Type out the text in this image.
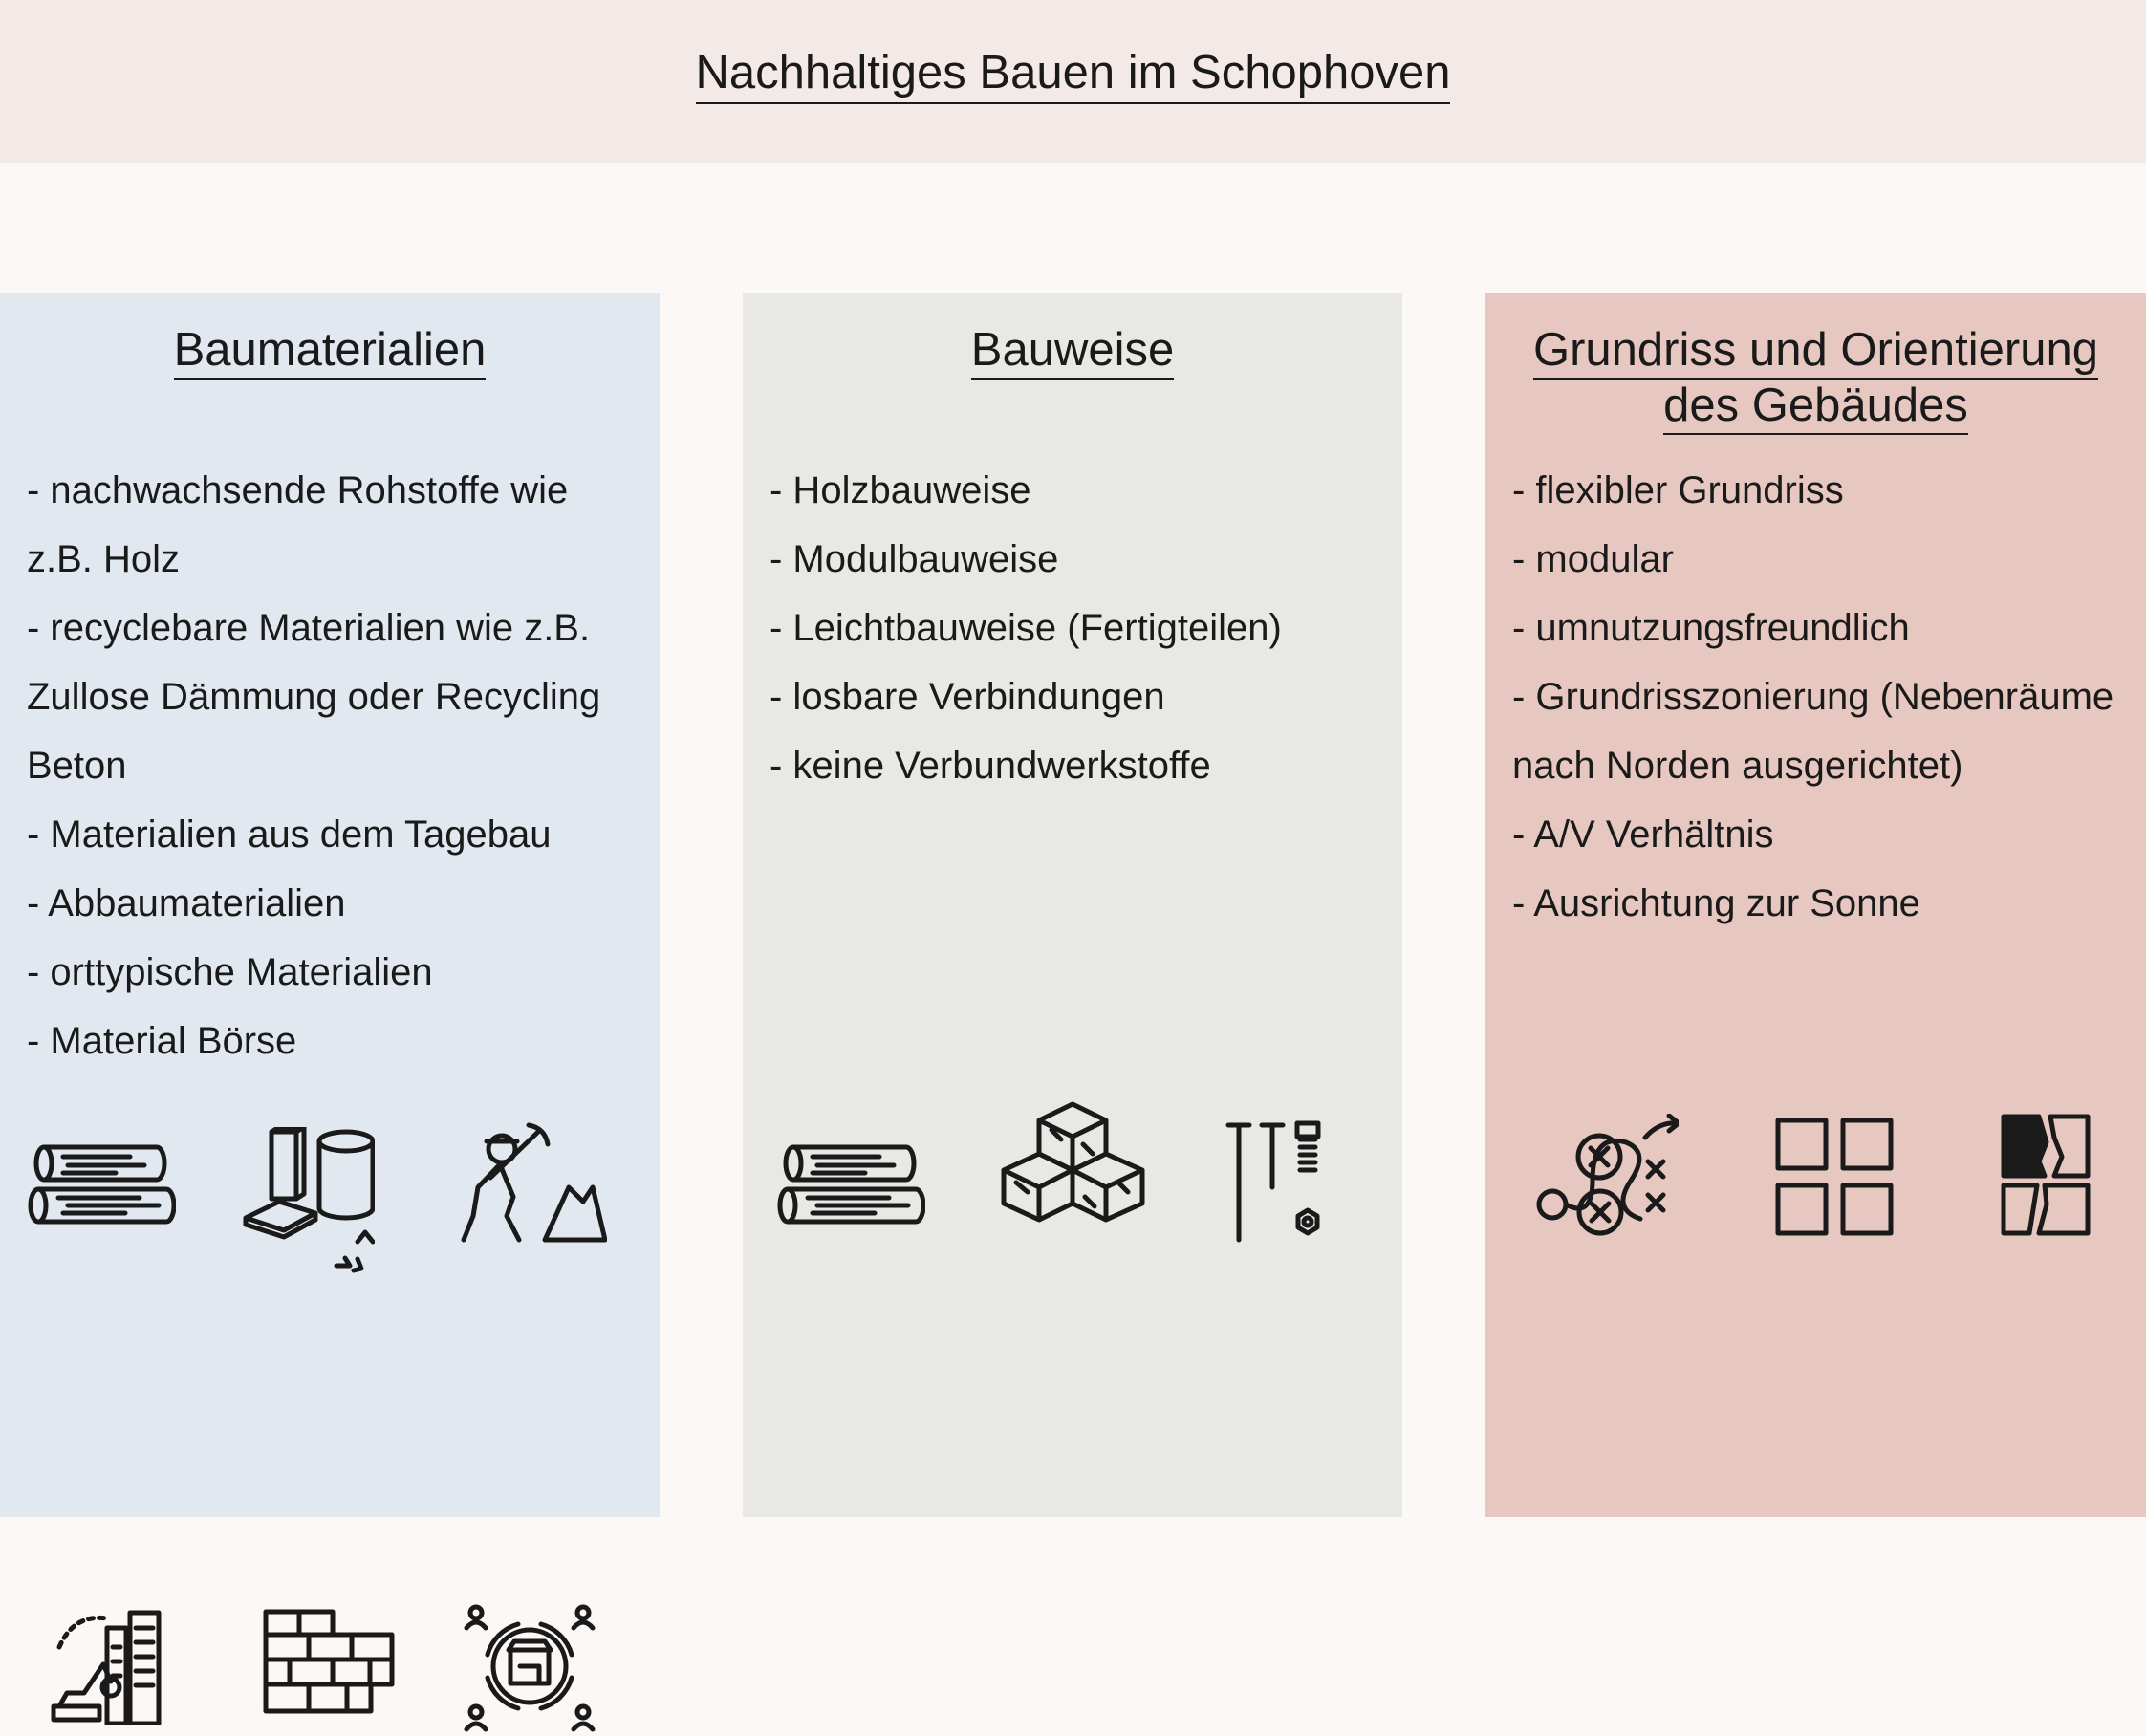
Nachhaltiges Bauen im Schophoven
Baumaterialien
- nachwachsende Rohstoffe wie
z.B. Holz
- recyclebare Materialien wie z.B.
Zullose Dämmung oder Recycling
Beton
- Materialien aus dem Tagebau
- Abbaumaterialien
- orttypische Materialien
- Material Börse
Bauweise
- Holzbauweise
- Modulbauweise
- Leichtbauweise (Fertigteilen)
- losbare Verbindungen
- keine Verbundwerkstoffe
Grundriss und Orientierung
des Gebäudes
- flexibler Grundriss
- modular
- umnutzungsfreundlich
- Grundrisszonierung (Nebenräume
nach Norden ausgerichtet)
- A/V Verhältnis
- Ausrichtung zur Sonne
